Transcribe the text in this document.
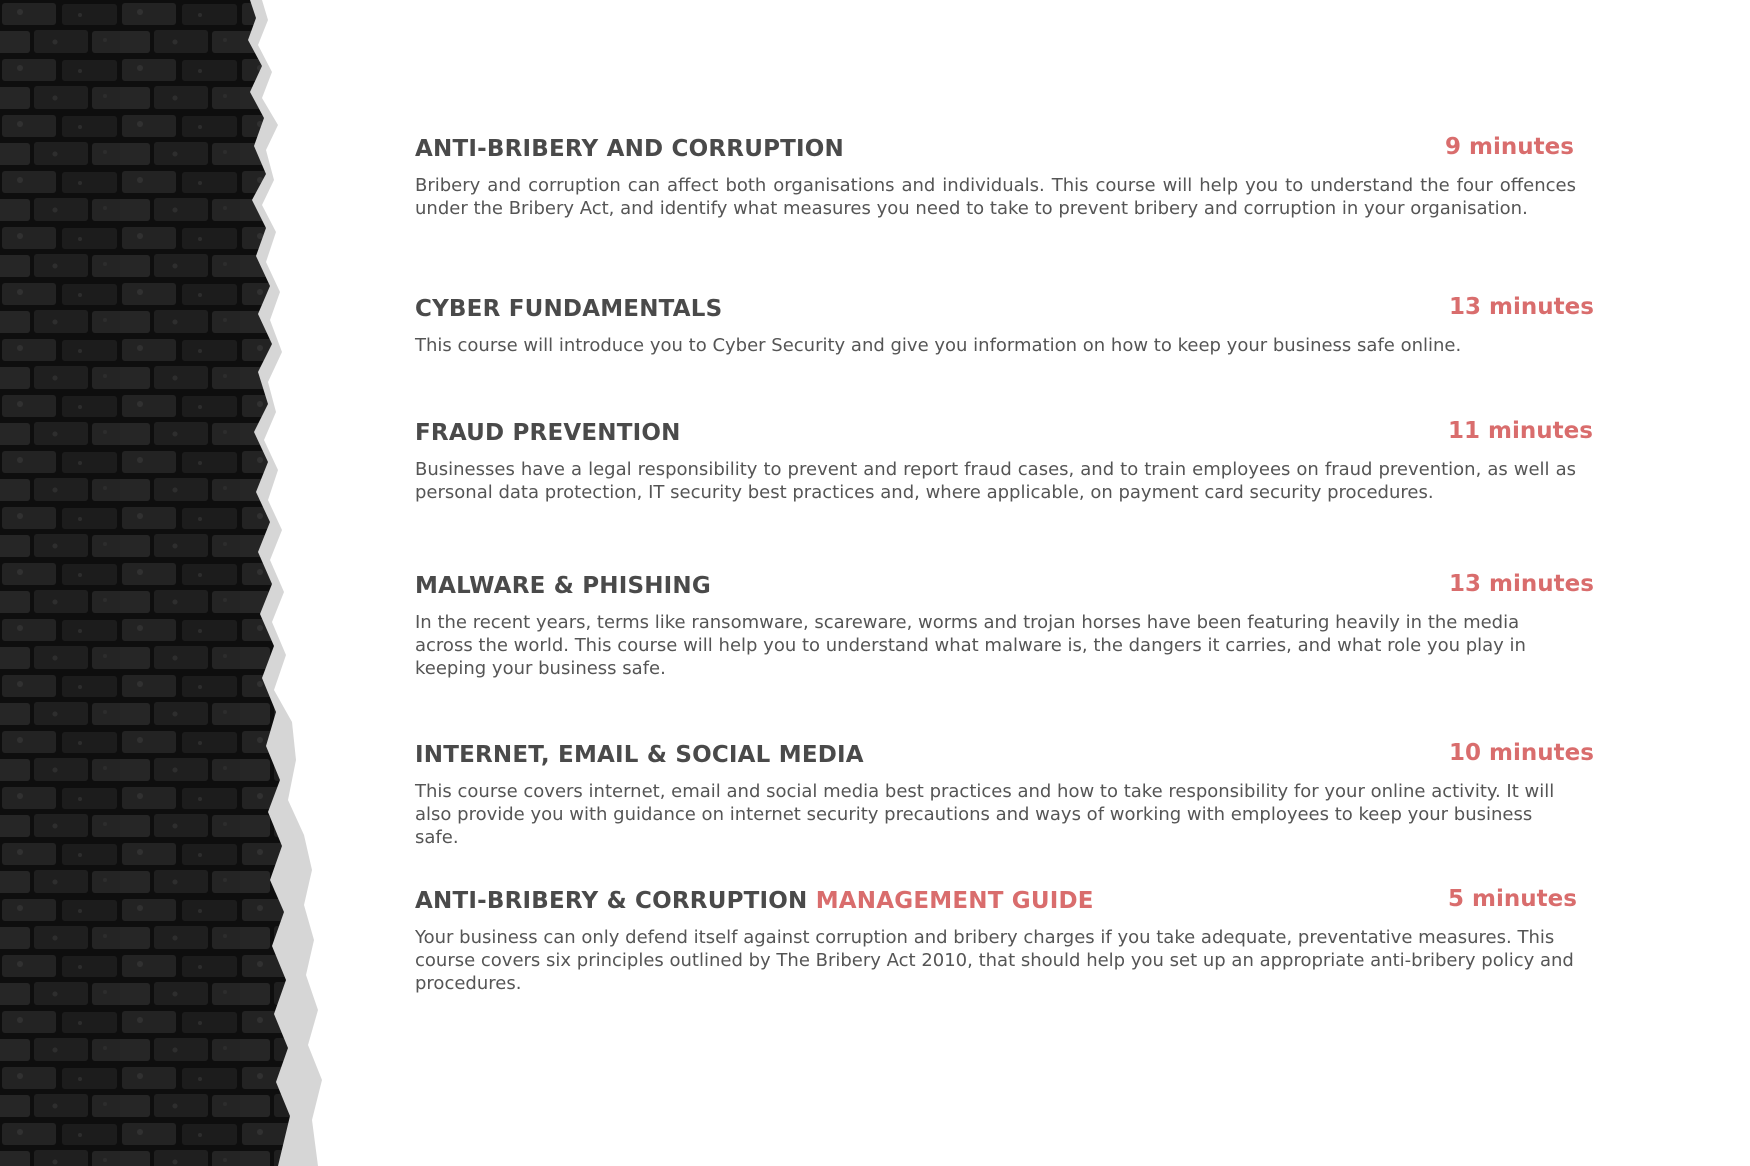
ANTI-BRIBERY AND CORRUPTION	9 minutes
Bribery and corruption can affect both organisations and individuals. This course will help you to understand the four offences under the Bribery Act, and identify what measures you need to take to prevent bribery and corruption in your organisation.
CYBER FUNDAMENTALS	13 minutes
This course will introduce you to Cyber Security and give you information on how to keep your business safe online.
FRAUD PREVENTION	11 minutes
Businesses have a legal responsibility to prevent and report fraud cases, and to train employees on fraud prevention, as well as personal data protection, IT security best practices and, where applicable, on payment card security procedures.
MALWARE & PHISHING	13 minutes
In the recent years, terms like ransomware, scareware, worms and trojan horses have been featuring heavily in the media across the world. This course will help you to understand what malware is, the dangers it carries, and what role you play in keeping your business safe.
INTERNET, EMAIL & SOCIAL MEDIA	10 minutes
This course covers internet, email and social media best practices and how to take responsibility for your online activity. It will also provide you with guidance on internet security precautions and ways of working with employees to keep your business safe.
ANTI-BRIBERY & CORRUPTION MANAGEMENT GUIDE	5 minutes
Your business can only defend itself against corruption and bribery charges if you take adequate, preventative measures. This course covers six principles outlined by The Bribery Act 2010, that should help you set up an appropriate anti-bribery policy and procedures.
